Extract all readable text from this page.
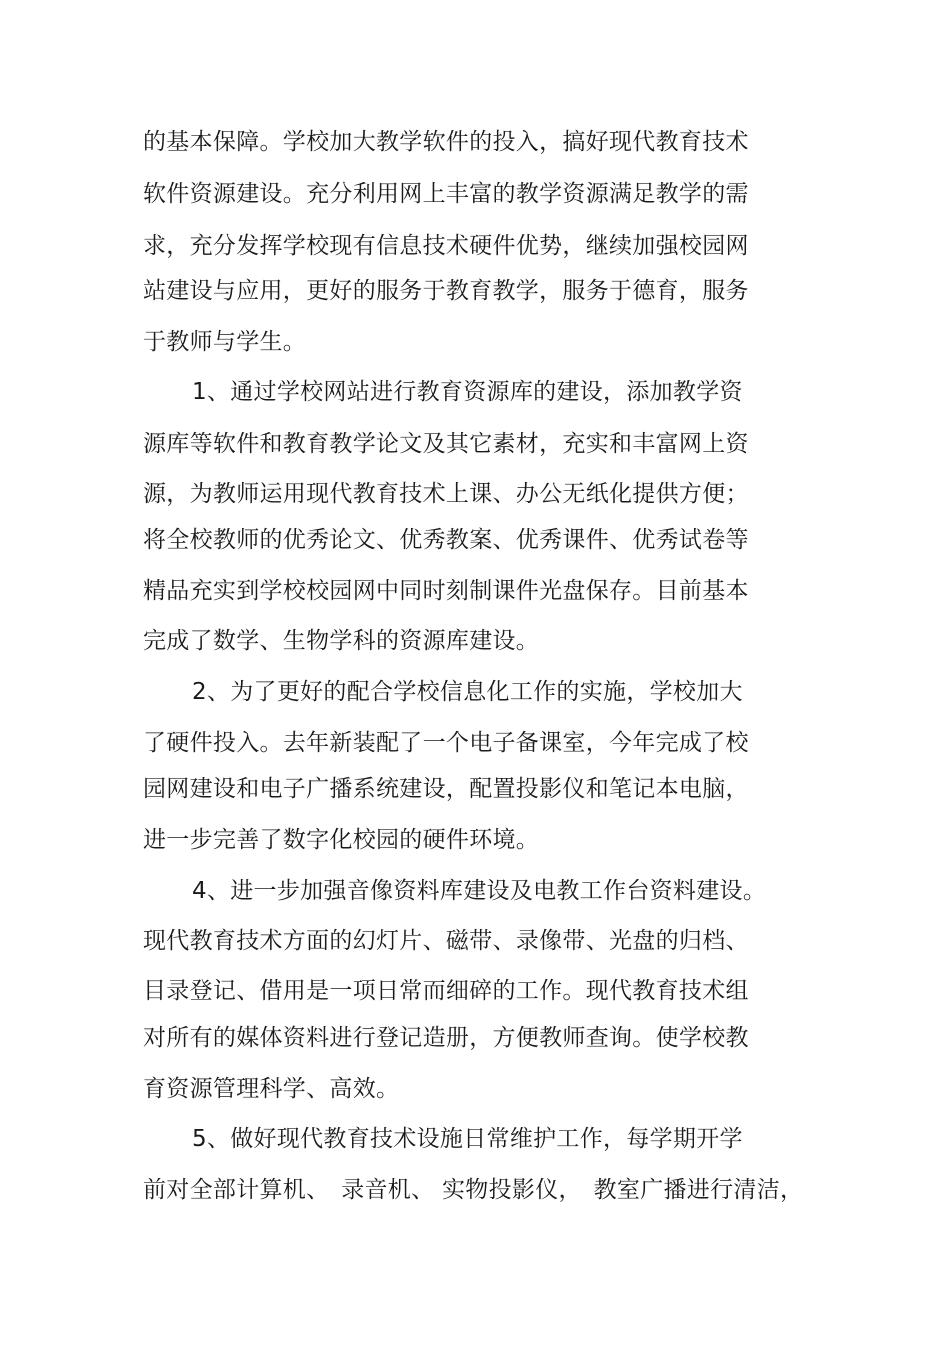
的基本保障。学校加大教学软件的投入，搞好现代教育技术
软件资源建设。充分利用网上丰富的教学资源满足教学的需
求，充分发挥学校现有信息技术硬件优势，继续加强校园网
站建设与应用，更好的服务于教育教学，服务于德育，服务
于教师与学生。
1、通过学校网站进行教育资源库的建设，添加教学资
源库等软件和教育教学论文及其它素材，充实和丰富网上资
源，为教师运用现代教育技术上课、办公无纸化提供方便；
将全校教师的优秀论文、优秀教案、优秀课件、优秀试卷等
精品充实到学校校园网中同时刻制课件光盘保存。目前基本
完成了数学、生物学科的资源库建设。
2、为了更好的配合学校信息化工作的实施，学校加大
了硬件投入。去年新装配了一个电子备课室，今年完成了校
园网建设和电子广播系统建设，配置投影仪和笔记本电脑，
进一步完善了数字化校园的硬件环境。
4、进一步加强音像资料库建设及电教工作台资料建设。
现代教育技术方面的幻灯片、磁带、录像带、光盘的归档、
目录登记、借用是一项日常而细碎的工作。现代教育技术组
对所有的媒体资料进行登记造册，方便教师查询。使学校教
育资源管理科学、高效。
5、做好现代教育技术设施日常维护工作，每学期开学
前对全部计算机、　录音机、 实物投影仪，　教室广播进行清洁，
